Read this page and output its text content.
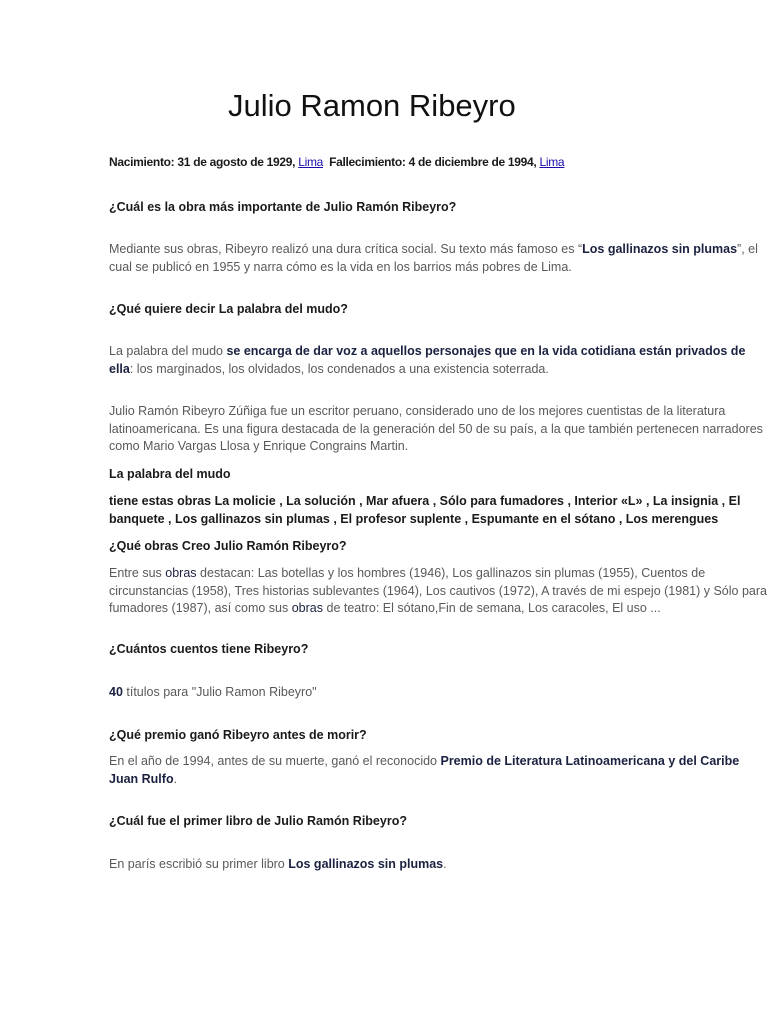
Julio Ramon Ribeyro

Nacimiento: 31 de agosto de 1929, Lima  Fallecimiento: 4 de diciembre de 1994, Lima

¿Cuál es la obra más importante de Julio Ramón Ribeyro?

Mediante sus obras, Ribeyro realizó una dura crítica social. Su texto más famoso es “Los gallinazos sin plumas”, el cual se publicó en 1955 y narra cómo es la vida en los barrios más pobres de Lima.

¿Qué quiere decir La palabra del mudo?

La palabra del mudo se encarga de dar voz a aquellos personajes que en la vida cotidiana están privados de ella: los marginados, los olvidados, los condenados a una existencia soterrada.

Julio Ramón Ribeyro Zúñiga fue un escritor peruano, considerado uno de los mejores cuentistas de la literatura latinoamericana. Es una figura destacada de la generación del 50 de su país, a la que también pertenecen narradores como Mario Vargas Llosa y Enrique Congrains Martin.

La palabra del mudo

tiene estas obras La molicie , La solución , Mar afuera , Sólo para fumadores , Interior «L» , La insignia , El banquete , Los gallinazos sin plumas , El profesor suplente , Espumante en el sótano , Los merengues

¿Qué obras Creo Julio Ramón Ribeyro?

Entre sus obras destacan: Las botellas y los hombres (1946), Los gallinazos sin plumas (1955), Cuentos de circunstancias (1958), Tres historias sublevantes (1964), Los cautivos (1972), A través de mi espejo (1981) y Sólo para fumadores (1987), así como sus obras de teatro: El sótano,Fin de semana, Los caracoles, El uso ...

¿Cuántos cuentos tiene Ribeyro?

40 títulos para "Julio Ramon Ribeyro"

¿Qué premio ganó Ribeyro antes de morir?

En el año de 1994, antes de su muerte, ganó el reconocido Premio de Literatura Latinoamericana y del Caribe Juan Rulfo.

¿Cuál fue el primer libro de Julio Ramón Ribeyro?

En parís escribió su primer libro Los gallinazos sin plumas.
